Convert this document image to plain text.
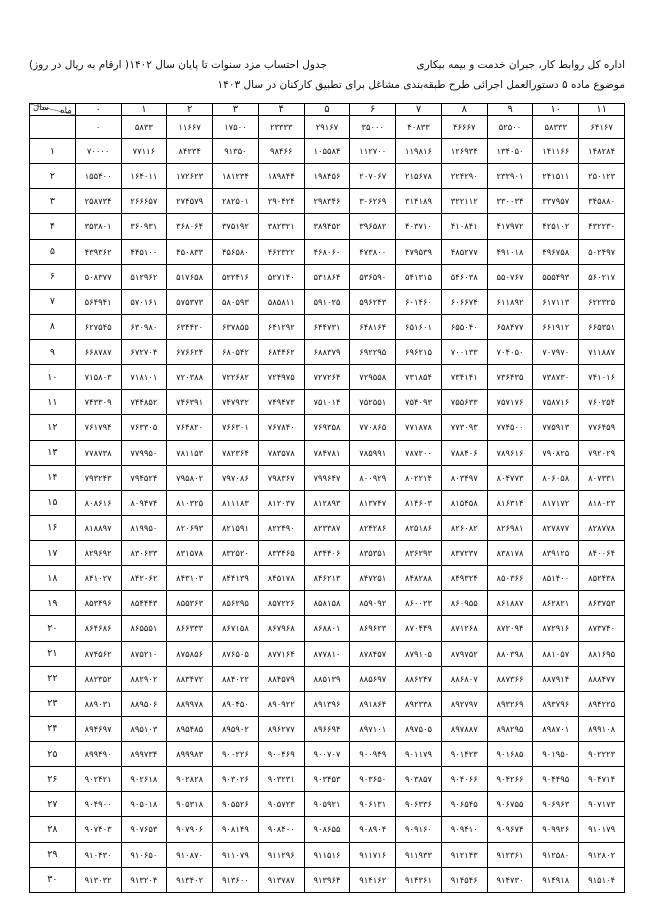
اداره کل روابط کار، جبران خدمت و بیمه بیکاری
جدول احتساب مزد سنوات تا پایان سال ۱۴۰۲
( ارقام به ریال در روز)
موضوع ماده ۵ دستورالعمل اجرائی طرح طبقه‌بندی مشاغل برای تطبیق کارکنان در سال ۱۴۰۳
ماه
سال	۰	۱	۲	۳	۴	۵	۶	۷	۸	۹	۱۰	۱۱
	۰	۵۸۳۳	۱۱۶۶۷	۱۷۵۰۰	۲۳۳۳۳	۲۹۱۶۷	۳۵۰۰۰	۴۰۸۳۳	۴۶۶۶۷	۵۲۵۰۰	۵۸۳۳۳	۶۴۱۶۷
۱	۷۰۰۰۰	۷۷۱۱۶	۸۴۲۳۴	۹۱۳۵۰	۹۸۴۶۶	۱۰۵۵۸۴	۱۱۲۷۰۰	۱۱۹۸۱۶	۱۲۶۹۳۴	۱۳۴۰۵۰	۱۴۱۱۶۶	۱۴۸۲۸۴
۲	۱۵۵۴۰۰	۱۶۴۰۱۱	۱۷۲۶۲۳	۱۸۱۲۳۴	۱۸۹۸۴۴	۱۹۸۴۵۶	۲۰۷۰۶۷	۲۱۵۶۷۸	۲۲۴۲۹۰	۲۳۲۹۰۱	۲۴۱۵۱۱	۲۵۰۱۲۳
۳	۲۵۸۷۳۴	۲۶۶۶۵۷	۲۷۴۵۷۹	۲۸۲۵۰۱	۲۹۰۴۲۴	۲۹۸۳۴۶	۳۰۶۲۶۹	۳۱۴۱۸۹	۳۲۲۱۱۲	۳۳۰۰۳۴	۳۳۷۹۵۷	۳۴۵۸۸۰
۴	۳۵۳۸۰۱	۳۶۰۹۳۱	۳۶۸۰۶۴	۳۷۵۱۹۲	۳۸۲۳۲۱	۳۸۹۴۵۲	۳۹۶۵۸۲	۴۰۳۷۱۰	۴۱۰۸۴۱	۴۱۷۹۷۲	۴۲۵۱۰۲	۴۳۲۲۳۰
۵	۴۳۹۳۶۲	۴۴۵۱۰۰	۴۵۰۸۳۳	۴۵۶۵۸۰	۴۶۲۳۲۲	۴۶۸۰۶۰	۴۷۳۸۰۰	۴۷۹۵۳۹	۴۸۵۲۷۷	۴۹۱۰۱۸	۴۹۶۷۵۸	۵۰۲۴۹۷
۶	۵۰۸۳۷۷	۵۱۲۹۶۲	۵۱۷۶۵۸	۵۲۲۴۱۶	۵۲۷۱۴۰	۵۳۱۸۶۴	۵۳۶۵۹۰	۵۴۱۳۱۵	۵۴۶۰۳۸	۵۵۰۷۶۷	۵۵۵۴۹۳	۵۶۰۲۱۷
۷	۵۶۴۹۴۱	۵۷۰۱۶۱	۵۷۵۳۷۳	۵۸۰۵۹۳	۵۸۵۸۱۱	۵۹۱۰۲۵	۵۹۶۲۴۳	۶۰۱۴۶۰	۶۰۶۶۷۴	۶۱۱۸۹۲	۶۱۷۱۱۳	۶۲۲۳۲۵
۸	۶۲۷۵۴۵	۶۳۰۹۸۰	۶۳۴۴۲۰	۶۳۷۸۵۵	۶۴۱۲۹۲	۶۴۴۷۳۱	۶۴۸۱۶۴	۶۵۱۶۰۱	۶۵۵۰۴۰	۶۵۸۴۷۷	۶۶۱۹۱۲	۶۶۵۳۵۱
۹	۶۶۸۷۸۷	۶۷۲۷۰۴	۶۷۶۶۲۴	۶۸۰۵۴۲	۶۸۴۴۶۲	۶۸۸۳۷۹	۶۹۲۲۹۵	۶۹۶۲۱۵	۷۰۰۱۳۳	۷۰۴۰۵۰	۷۰۷۹۷۰	۷۱۱۸۸۷
۱۰	۷۱۵۸۰۳	۷۱۸۱۰۱	۷۲۰۳۸۸	۷۲۲۶۸۲	۷۲۴۹۷۵	۷۲۷۲۶۴	۷۲۹۵۵۸	۷۳۱۸۵۴	۷۳۴۱۴۱	۷۳۶۴۳۵	۷۳۸۷۳۰	۷۴۱۰۱۶
۱۱	۷۴۳۳۰۹	۷۴۴۸۵۲	۷۴۶۳۹۱	۷۴۷۹۳۲	۷۴۹۴۷۳	۷۵۱۰۱۴	۷۵۲۵۵۱	۷۵۴۰۹۳	۷۵۵۶۳۳	۷۵۷۱۷۶	۷۵۸۷۱۶	۷۶۰۲۵۴
۱۲	۷۶۱۷۹۴	۷۶۳۳۰۵	۷۶۴۸۲۰	۷۶۶۳۰۱	۷۶۷۸۴۰	۷۶۹۳۵۸	۷۷۰۸۶۵	۷۷۱۸۷۸	۷۷۳۰۹۳	۷۷۴۵۰۰	۷۷۵۹۱۳	۷۷۶۴۵۹
۱۳	۷۷۸۷۳۸	۷۷۹۹۵۰	۷۸۱۱۵۳	۷۸۲۳۶۴	۷۸۳۵۷۸	۷۸۴۷۸۱	۷۸۵۹۹۱	۷۸۷۲۰۰	۷۸۸۴۰۶	۷۸۹۶۱۶	۷۹۰۸۲۵	۷۹۲۰۲۹
۱۴	۷۹۳۲۴۳	۷۹۴۵۲۴	۷۹۵۸۰۲	۷۹۷۰۸۶	۷۹۸۳۶۷	۷۹۹۶۴۷	۸۰۰۹۲۹	۸۰۲۲۱۴	۸۰۳۴۹۷	۸۰۴۷۷۳	۸۰۶۰۵۸	۸۰۷۳۳۱
۱۵	۸۰۸۶۱۶	۸۰۹۴۷۴	۸۱۰۳۲۵	۸۱۱۱۸۳	۸۱۲۰۳۷	۸۱۲۸۹۳	۸۱۳۷۴۷	۸۱۴۶۰۳	۸۱۵۴۵۸	۸۱۶۳۱۴	۸۱۷۱۷۲	۸۱۸۰۲۳
۱۶	۸۱۸۸۹۷	۸۱۹۹۵۰	۸۲۰۶۹۳	۸۲۱۵۹۱	۸۲۲۴۹۰	۸۲۳۳۸۷	۸۲۴۲۸۶	۸۲۵۱۸۶	۸۲۶۰۸۲	۸۲۶۹۸۱	۸۲۷۸۷۷	۸۲۸۷۷۸
۱۷	۸۲۹۶۹۲	۸۳۰۶۳۳	۸۳۱۵۷۸	۸۳۲۵۲۰	۸۳۳۴۶۵	۸۳۴۴۰۶	۸۳۵۳۵۱	۸۳۶۲۹۳	۸۳۷۲۳۷	۸۳۸۱۷۸	۸۳۹۱۲۵	۸۴۰۰۶۴
۱۸	۸۴۱۰۲۷	۸۴۲۰۶۲	۸۴۳۱۰۳	۸۴۴۱۳۹	۸۴۵۱۷۸	۸۴۶۲۱۳	۸۴۷۲۵۱	۸۴۸۲۸۸	۸۴۹۳۲۴	۸۵۰۳۶۶	۸۵۱۴۰۰	۸۵۲۴۳۸
۱۹	۸۵۳۴۹۶	۸۵۴۴۴۳	۸۵۵۳۶۳	۸۵۶۲۹۵	۸۵۷۲۲۶	۸۵۸۱۵۸	۸۵۹۰۹۲	۸۶۰۰۲۳	۸۶۰۹۵۵	۸۶۱۸۸۷	۸۶۲۸۲۱	۸۶۳۷۵۳
۲۰	۸۶۴۶۸۶	۸۶۵۵۵۱	۸۶۶۳۳۳	۸۶۷۱۵۸	۸۶۷۹۶۸	۸۶۸۸۰۱	۸۶۹۶۲۳	۸۷۰۴۴۹	۸۷۱۲۶۸	۸۷۲۰۹۴	۸۷۲۹۱۶	۸۷۳۷۴۰
۲۱	۸۷۴۵۶۲	۸۷۵۲۱۰	۸۷۵۸۵۶	۸۷۶۵۰۵	۸۷۷۱۶۴	۸۷۷۸۱۰	۸۷۸۴۵۷	۸۷۹۱۰۵	۸۷۹۷۵۲	۸۸۰۳۹۸	۸۸۱۰۵۷	۸۸۱۶۹۵
۲۲	۸۸۲۳۵۲	۸۸۲۹۰۲	۸۸۳۴۷۲	۸۸۴۰۲۲	۸۸۴۵۷۹	۸۸۵۱۳۹	۸۸۵۶۹۷	۸۸۶۲۴۷	۸۸۶۸۰۷	۸۸۷۳۶۶	۸۸۷۹۱۴	۸۸۸۴۷۷
۲۳	۸۸۹۰۳۱	۸۸۹۵۰۶	۸۸۹۹۷۸	۸۹۰۴۵۰	۸۹۰۹۲۲	۸۹۱۳۹۶	۸۹۱۸۶۴	۸۹۲۳۳۸	۸۹۲۷۹۷	۸۹۳۲۶۹	۸۹۳۷۹۶	۸۹۴۲۲۵
۲۴	۸۹۴۶۹۷	۸۹۵۱۰۳	۸۹۵۴۸۵	۸۹۵۹۰۲	۸۹۶۲۷۷	۸۹۶۶۹۴	۸۹۷۱۰۱	۸۹۷۵۰۵	۸۹۷۸۸۷	۸۹۸۲۹۵	۸۹۸۷۰۱	۸۹۹۱۰۸
۲۵	۸۹۹۴۹۰	۸۹۹۷۳۴	۸۹۹۹۸۳	۹۰۰۲۲۶	۹۰۰۴۶۹	۹۰۰۷۰۷	۹۰۰۹۴۹	۹۰۱۱۷۹	۹۰۱۴۲۳	۹۰۱۶۸۵	۹۰۱۹۵۰	۹۰۲۲۲۳
۲۶	۹۰۲۴۲۱	۹۰۲۶۱۸	۹۰۲۸۲۸	۹۰۳۰۲۶	۹۰۳۲۳۱	۹۰۳۴۵۳	۹۰۳۶۵۰	۹۰۳۸۵۷	۹۰۴۰۶۶	۹۰۴۲۶۶	۹۰۴۴۹۵	۹۰۴۷۱۴
۲۷	۹۰۴۹۰۰	۹۰۵۰۱۸	۹۰۵۳۱۸	۹۰۵۵۲۶	۹۰۵۷۲۳	۹۰۵۹۲۱	۹۰۶۱۳۱	۹۰۶۳۳۶	۹۰۶۵۴۵	۹۰۶۷۵۵	۹۰۶۹۶۳	۹۰۷۱۷۳
۲۸	۹۰۷۴۰۳	۹۰۷۶۵۳	۹۰۷۹۰۶	۹۰۸۱۴۹	۹۰۸۴۰۰	۹۰۸۶۵۵	۹۰۸۹۰۴	۹۰۹۱۶۰	۹۰۹۴۱۰	۹۰۹۶۷۴	۹۰۹۹۲۶	۹۱۰۱۷۹
۲۹	۹۱۰۴۳۰	۹۱۰۶۵۰	۹۱۰۸۷۰	۹۱۱۰۷۹	۹۱۱۲۹۶	۹۱۱۵۱۶	۹۱۱۷۱۶	۹۱۱۹۳۳	۹۱۲۱۴۳	۹۱۲۳۶۱	۹۱۲۵۸۰	۹۱۲۸۰۲
۳۰	۹۱۳۰۳۲	۹۱۳۲۰۴	۹۱۳۴۰۲	۹۱۳۶۰۰	۹۱۳۷۸۷	۹۱۳۹۶۴	۹۱۴۱۶۲	۹۱۴۳۶۱	۹۱۴۵۴۶	۹۱۴۷۳۰	۹۱۴۹۱۸	۹۱۵۱۰۴
